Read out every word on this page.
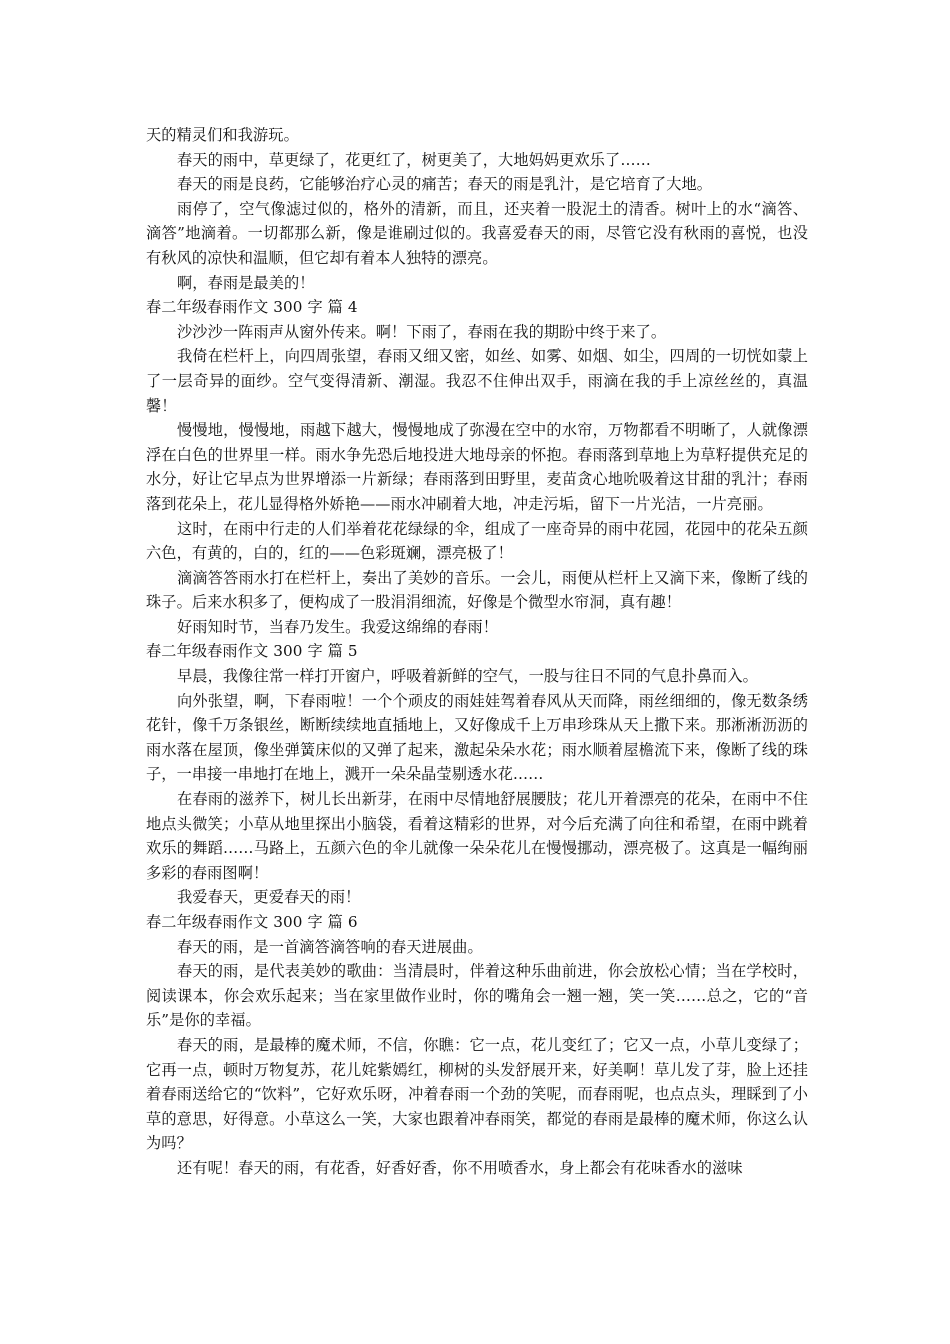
天的精灵们和我游玩。

春天的雨中，草更绿了，花更红了，树更美了，大地妈妈更欢乐了……

春天的雨是良药，它能够治疗心灵的痛苦；春天的雨是乳汁，是它培育了大地。

雨停了，空气像滤过似的，格外的清新，而且，还夹着一股泥土的清香。树叶上的水“滴答、滴答”地滴着。一切都那么新，像是谁刷过似的。我喜爱春天的雨，尽管它没有秋雨的喜悦，也没有秋风的凉快和温顺，但它却有着本人独特的漂亮。

啊，春雨是最美的！

春二年级春雨作文 300 字 篇 4

沙沙沙一阵雨声从窗外传来。啊！下雨了，春雨在我的期盼中终于来了。

我倚在栏杆上，向四周张望，春雨又细又密，如丝、如雾、如烟、如尘，四周的一切恍如蒙上了一层奇异的面纱。空气变得清新、潮湿。我忍不住伸出双手，雨滴在我的手上凉丝丝的，真温馨！

慢慢地，慢慢地，雨越下越大，慢慢地成了弥漫在空中的水帘，万物都看不明晰了，人就像漂浮在白色的世界里一样。雨水争先恐后地投进大地母亲的怀抱。春雨落到草地上为草籽提供充足的水分，好让它早点为世界增添一片新绿；春雨落到田野里，麦苗贪心地吮吸着这甘甜的乳汁；春雨落到花朵上，花儿显得格外娇艳——雨水冲刷着大地，冲走污垢，留下一片光洁，一片亮丽。

这时，在雨中行走的人们举着花花绿绿的伞，组成了一座奇异的雨中花园，花园中的花朵五颜六色，有黄的，白的，红的——色彩斑斓，漂亮极了！

滴滴答答雨水打在栏杆上，奏出了美妙的音乐。一会儿，雨便从栏杆上又滴下来，像断了线的珠子。后来水积多了，便构成了一股涓涓细流，好像是个微型水帘洞，真有趣！

好雨知时节，当春乃发生。我爱这绵绵的春雨！

春二年级春雨作文 300 字 篇 5

早晨，我像往常一样打开窗户，呼吸着新鲜的空气，一股与往日不同的气息扑鼻而入。

向外张望，啊，下春雨啦！一个个顽皮的雨娃娃驾着春风从天而降，雨丝细细的，像无数条绣花针，像千万条银丝，断断续续地直插地上，又好像成千上万串珍珠从天上撒下来。那淅淅沥沥的雨水落在屋顶，像坐弹簧床似的又弹了起来，激起朵朵水花；雨水顺着屋檐流下来，像断了线的珠子，一串接一串地打在地上，溅开一朵朵晶莹剔透水花……

在春雨的滋养下，树儿长出新芽，在雨中尽情地舒展腰肢；花儿开着漂亮的花朵，在雨中不住地点头微笑；小草从地里探出小脑袋，看着这精彩的世界，对今后充满了向往和希望，在雨中跳着欢乐的舞蹈……马路上，五颜六色的伞儿就像一朵朵花儿在慢慢挪动，漂亮极了。这真是一幅绚丽多彩的春雨图啊！

我爱春天，更爱春天的雨！

春二年级春雨作文 300 字 篇 6

春天的雨，是一首滴答滴答响的春天进展曲。

春天的雨，是代表美妙的歌曲：当清晨时，伴着这种乐曲前进，你会放松心情；当在学校时，阅读课本，你会欢乐起来；当在家里做作业时，你的嘴角会一翘一翘，笑一笑……总之，它的“音乐”是你的幸福。

春天的雨，是最棒的魔术师，不信，你瞧：它一点，花儿变红了；它又一点，小草儿变绿了；它再一点，顿时万物复苏，花儿姹紫嫣红，柳树的头发舒展开来，好美啊！草儿发了芽，脸上还挂着春雨送给它的“饮料”，它好欢乐呀，冲着春雨一个劲的笑呢，而春雨呢，也点点头，理睬到了小草的意思，好得意。小草这么一笑，大家也跟着冲春雨笑，都觉的春雨是最棒的魔术师，你这么认为吗？

还有呢！春天的雨，有花香，好香好香，你不用喷香水，身上都会有花味香水的滋味
